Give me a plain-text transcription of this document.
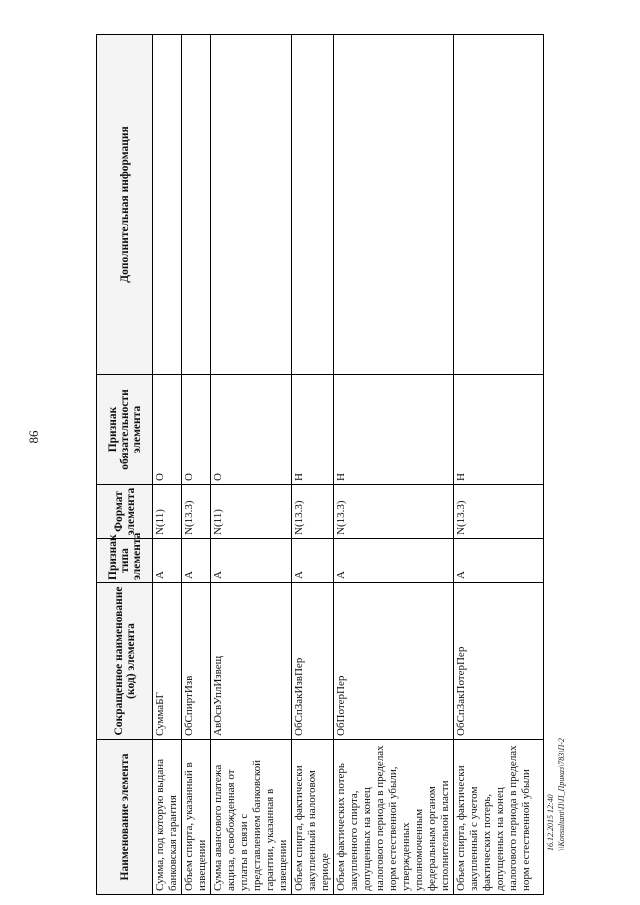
86
Наименование элемента	Сокращенное наименование (код) элемента	Признак типа элемента	Формат элемента	Признак обязательности элемента	Дополнительная информация
Сумма, под которую выдана банковская гарантия	СуммаБГ	А	N(11)	О	
Объем спирта, указанный в извещении	ОбСпиртИзв	А	N(13.3)	О	
Сумма авансового платежа акциза, освобожденная от уплаты в связи с представлением банковской гарантии, указанная в извещении	АвОсвУплИзвещ	А	N(11)	О	
Объем спирта, фактически закупленный в налоговом периоде	ОбСпЗакИзвПер	А	N(13.3)	Н	
Объем фактических потерь закупленного спирта, допущенных на конец налогового периода в пределах норм естественной убыли, утвержденных уполномоченным федеральным органом исполнительной власти	ОбПотерПер	А	N(13.3)	Н	
Объем спирта, фактически закупленный с учетом фактических потерь, допущенных на конец налогового периода в пределах норм естественной убыли	ОбСпЗакПотерПер	А	N(13.3)	Н	
16.12.2015 12:40 \\Konsultant\П\П_Приказ\783\П-2
